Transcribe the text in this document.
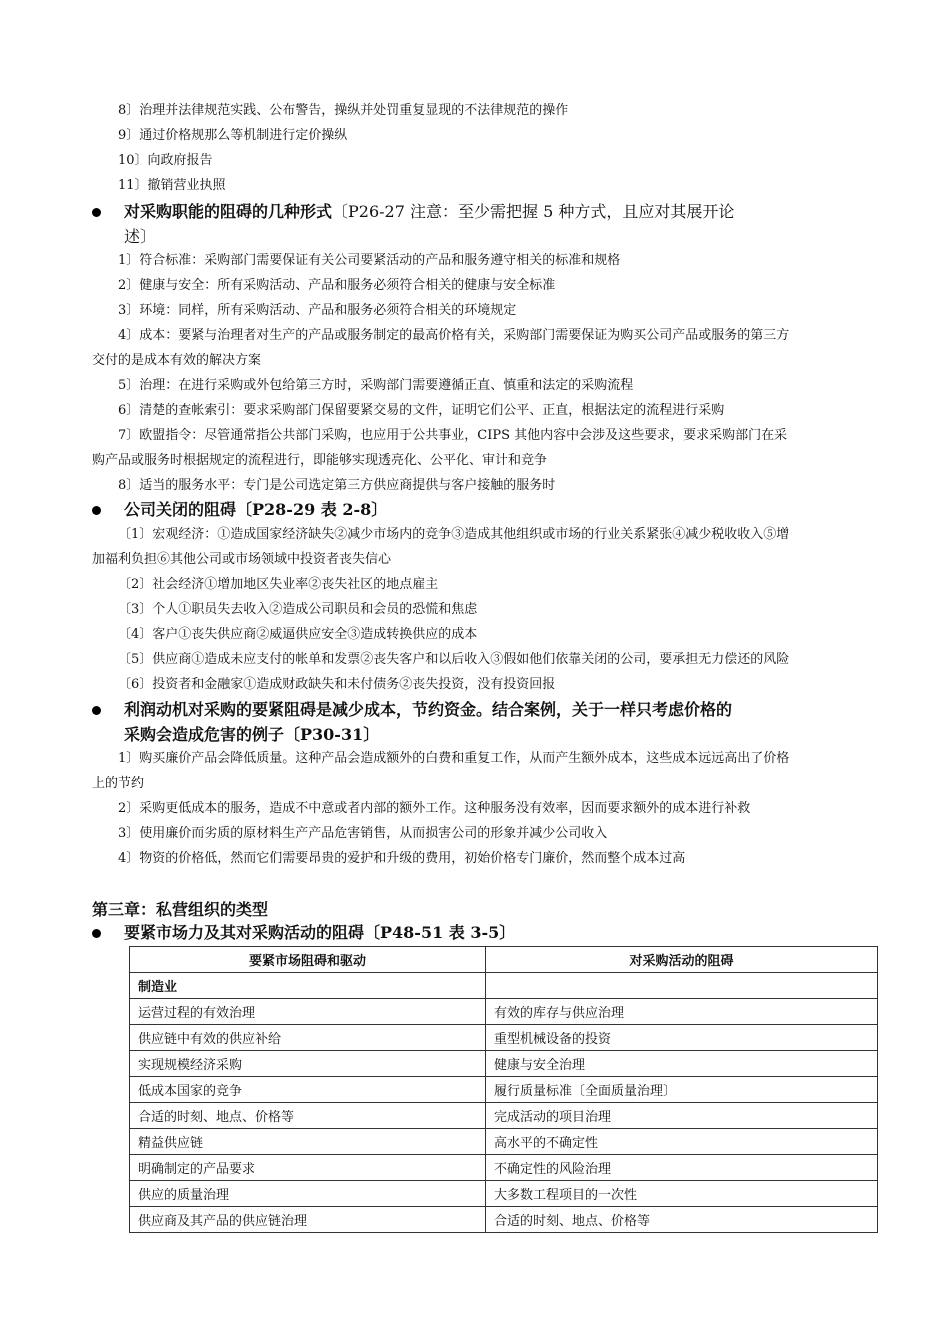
8〕治理并法律规范实践、公布警告，操纵并处罚重复显现的不法律规范的操作
9〕通过价格规那么等机制进行定价操纵
10〕向政府报告
11〕撤销营业执照
对采购职能的阻碍的几种形式〔P26-27 注意：至少需把握 5 种方式，且应对其展开论
述〕
1〕符合标准：采购部门需要保证有关公司要紧活动的产品和服务遵守相关的标准和规格
2〕健康与安全：所有采购活动、产品和服务必须符合相关的健康与安全标准
3〕环境：同样，所有采购活动、产品和服务必须符合相关的环境规定
4〕成本：要紧与治理者对生产的产品或服务制定的最高价格有关，采购部门需要保证为购买公司产品或服务的第三方
交付的是成本有效的解决方案
5〕治理：在进行采购或外包给第三方时，采购部门需要遵循正直、慎重和法定的采购流程
6〕清楚的查帐索引：要求采购部门保留要紧交易的文件，证明它们公平、正直，根据法定的流程进行采购
7〕欧盟指令：尽管通常指公共部门采购，也应用于公共事业，CIPS 其他内容中会涉及这些要求，要求采购部门在采
购产品或服务时根据规定的流程进行，即能够实现透亮化、公平化、审计和竞争
8〕适当的服务水平：专门是公司选定第三方供应商提供与客户接触的服务时
公司关闭的阻碍〔P28-29 表 2-8〕
〔1〕宏观经济：①造成国家经济缺失②减少市场内的竞争③造成其他组织或市场的行业关系紧张④减少税收收入⑤增
加福利负担⑥其他公司或市场领域中投资者丧失信心
〔2〕社会经济①增加地区失业率②丧失社区的地点雇主
〔3〕个人①职员失去收入②造成公司职员和会员的恐慌和焦虑
〔4〕客户①丧失供应商②威逼供应安全③造成转换供应的成本
〔5〕供应商①造成未应支付的帐单和发票②丧失客户和以后收入③假如他们依靠关闭的公司，要承担无力偿还的风险
〔6〕投资者和金融家①造成财政缺失和未付债务②丧失投资，没有投资回报
利润动机对采购的要紧阻碍是减少成本，节约资金。结合案例，关于一样只考虑价格的
采购会造成危害的例子〔P30-31〕
1〕购买廉价产品会降低质量。这种产品会造成额外的白费和重复工作，从而产生额外成本，这些成本远远高出了价格
上的节约
2〕采购更低成本的服务，造成不中意或者内部的额外工作。这种服务没有效率，因而要求额外的成本进行补救
3〕使用廉价而劣质的原材料生产产品危害销售，从而损害公司的形象并减少公司收入
4〕物资的价格低，然而它们需要昂贵的爱护和升级的费用，初始价格专门廉价，然而整个成本过高
第三章：私营组织的类型
要紧市场力及其对采购活动的阻碍〔P48-51 表 3-5〕
要紧市场阻碍和驱动	对采购活动的阻碍
制造业	
运营过程的有效治理	有效的库存与供应治理
供应链中有效的供应补给	重型机械设备的投资
实现规模经济采购	健康与安全治理
低成本国家的竞争	履行质量标准〔全面质量治理〕
合适的时刻、地点、价格等	完成活动的项目治理
精益供应链	高水平的不确定性
明确制定的产品要求	不确定性的风险治理
供应的质量治理	大多数工程项目的一次性
供应商及其产品的供应链治理	合适的时刻、地点、价格等
